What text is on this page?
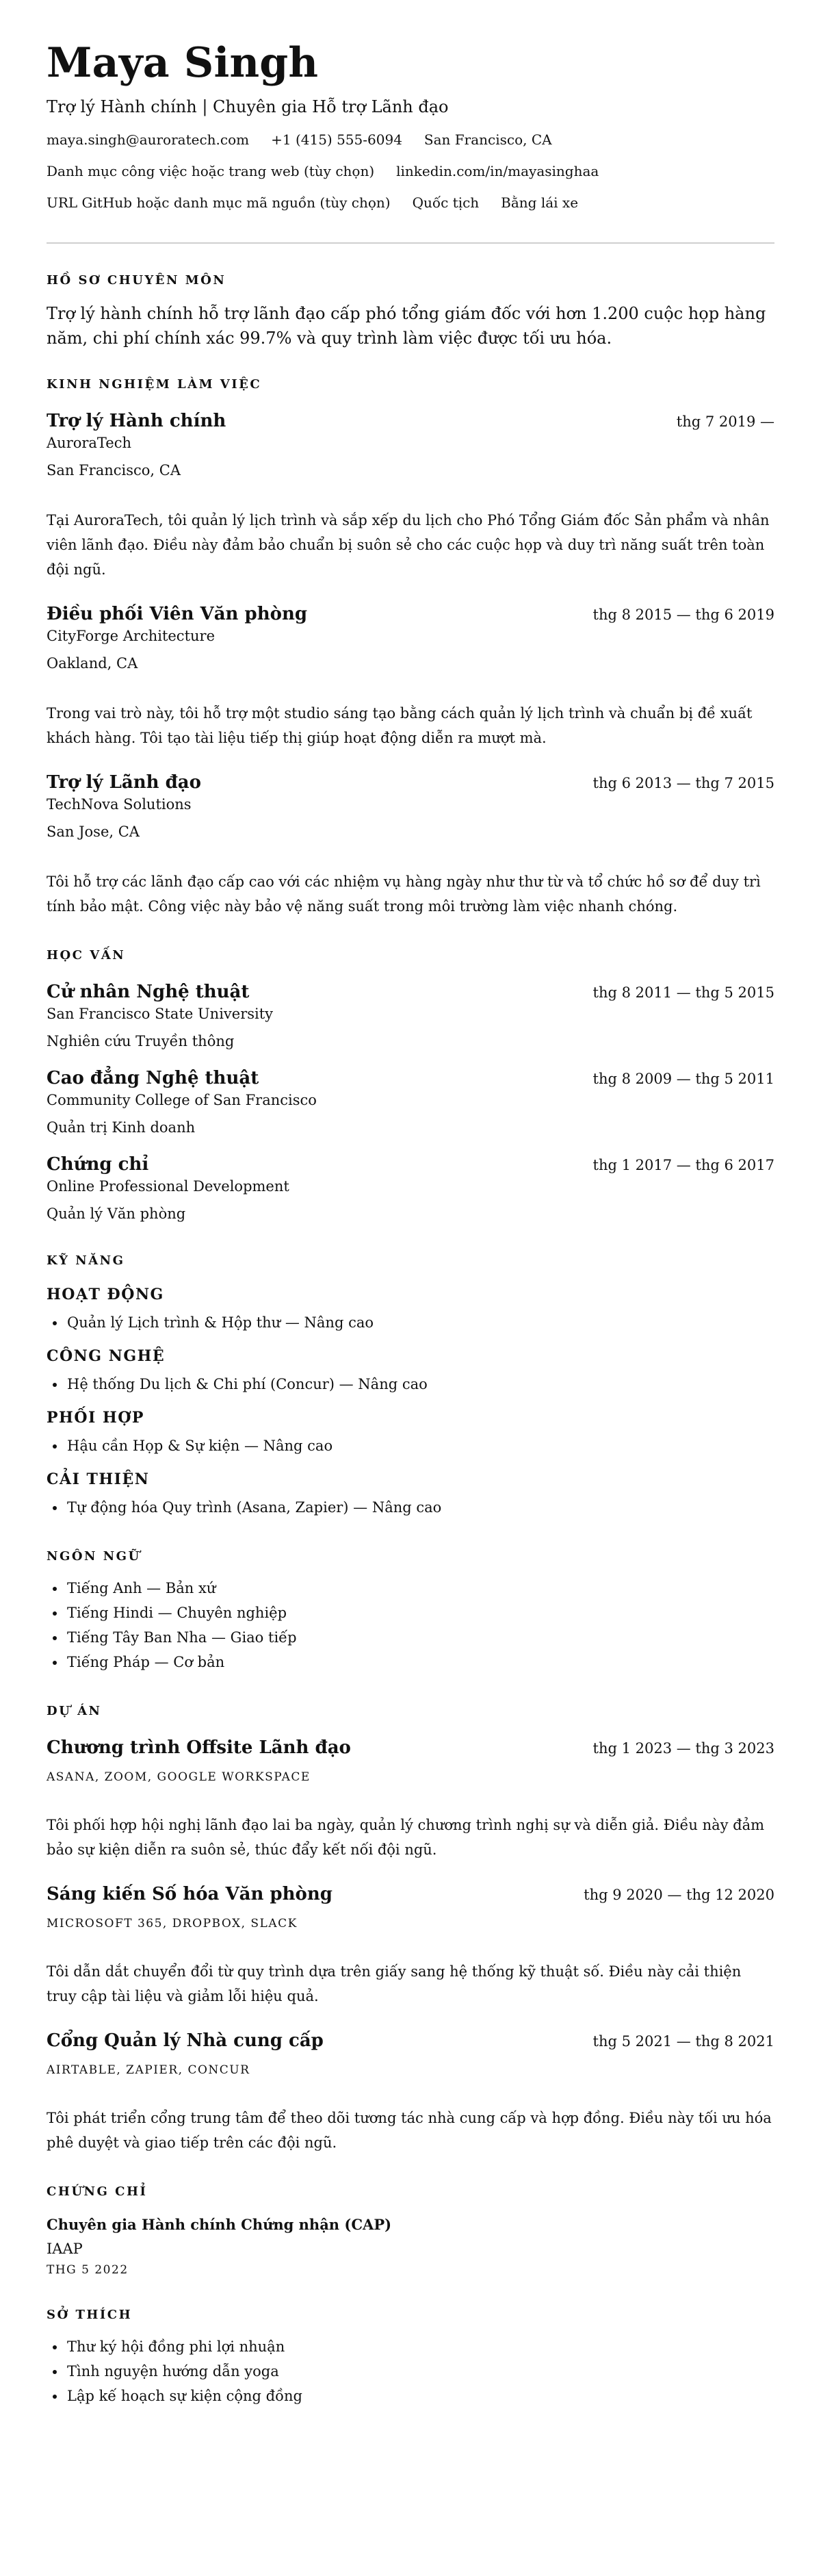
Maya Singh
Trợ lý Hành chính | Chuyên gia Hỗ trợ Lãnh đạo
maya.singh@auroratech.com +1 (415) 555-6094 San Francisco, CA
Danh mục công việc hoặc trang web (tùy chọn) linkedin.com/in/mayasinghaa
URL GitHub hoặc danh mục mã nguồn (tùy chọn) Quốc tịch Bằng lái xe
HỒ SƠ CHUYÊN MÔN
Trợ lý hành chính hỗ trợ lãnh đạo cấp phó tổng giám đốc với hơn 1.200 cuộc họp hàng năm, chi phí chính xác 99.7% và quy trình làm việc được tối ưu hóa.
KINH NGHIỆM LÀM VIỆC
Trợ lý Hành chính	thg 7 2019 —
AuroraTech
San Francisco, CA
Tại AuroraTech, tôi quản lý lịch trình và sắp xếp du lịch cho Phó Tổng Giám đốc Sản phẩm và nhân viên lãnh đạo. Điều này đảm bảo chuẩn bị suôn sẻ cho các cuộc họp và duy trì năng suất trên toàn đội ngũ.
Điều phối Viên Văn phòng	thg 8 2015 — thg 6 2019
CityForge Architecture
Oakland, CA
Trong vai trò này, tôi hỗ trợ một studio sáng tạo bằng cách quản lý lịch trình và chuẩn bị đề xuất khách hàng. Tôi tạo tài liệu tiếp thị giúp hoạt động diễn ra mượt mà.
Trợ lý Lãnh đạo	thg 6 2013 — thg 7 2015
TechNova Solutions
San Jose, CA
Tôi hỗ trợ các lãnh đạo cấp cao với các nhiệm vụ hàng ngày như thư từ và tổ chức hồ sơ để duy trì tính bảo mật. Công việc này bảo vệ năng suất trong môi trường làm việc nhanh chóng.
HỌC VẤN
Cử nhân Nghệ thuật	thg 8 2011 — thg 5 2015
San Francisco State University
Nghiên cứu Truyền thông
Cao đẳng Nghệ thuật	thg 8 2009 — thg 5 2011
Community College of San Francisco
Quản trị Kinh doanh
Chứng chỉ	thg 1 2017 — thg 6 2017
Online Professional Development
Quản lý Văn phòng
KỸ NĂNG
HOẠT ĐỘNG
• Quản lý Lịch trình & Hộp thư — Nâng cao
CÔNG NGHỆ
• Hệ thống Du lịch & Chi phí (Concur) — Nâng cao
PHỐI HỢP
• Hậu cần Họp & Sự kiện — Nâng cao
CẢI THIỆN
• Tự động hóa Quy trình (Asana, Zapier) — Nâng cao
NGÔN NGỮ
• Tiếng Anh — Bản xứ
• Tiếng Hindi — Chuyên nghiệp
• Tiếng Tây Ban Nha — Giao tiếp
• Tiếng Pháp — Cơ bản
DỰ ÁN
Chương trình Offsite Lãnh đạo	thg 1 2023 — thg 3 2023
ASANA, ZOOM, GOOGLE WORKSPACE
Tôi phối hợp hội nghị lãnh đạo lai ba ngày, quản lý chương trình nghị sự và diễn giả. Điều này đảm bảo sự kiện diễn ra suôn sẻ, thúc đẩy kết nối đội ngũ.
Sáng kiến Số hóa Văn phòng	thg 9 2020 — thg 12 2020
MICROSOFT 365, DROPBOX, SLACK
Tôi dẫn dắt chuyển đổi từ quy trình dựa trên giấy sang hệ thống kỹ thuật số. Điều này cải thiện truy cập tài liệu và giảm lỗi hiệu quả.
Cổng Quản lý Nhà cung cấp	thg 5 2021 — thg 8 2021
AIRTABLE, ZAPIER, CONCUR
Tôi phát triển cổng trung tâm để theo dõi tương tác nhà cung cấp và hợp đồng. Điều này tối ưu hóa phê duyệt và giao tiếp trên các đội ngũ.
CHỨNG CHỈ
Chuyên gia Hành chính Chứng nhận (CAP)
IAAP
THG 5 2022
SỞ THÍCH
• Thư ký hội đồng phi lợi nhuận
• Tình nguyện hướng dẫn yoga
• Lập kế hoạch sự kiện cộng đồng
